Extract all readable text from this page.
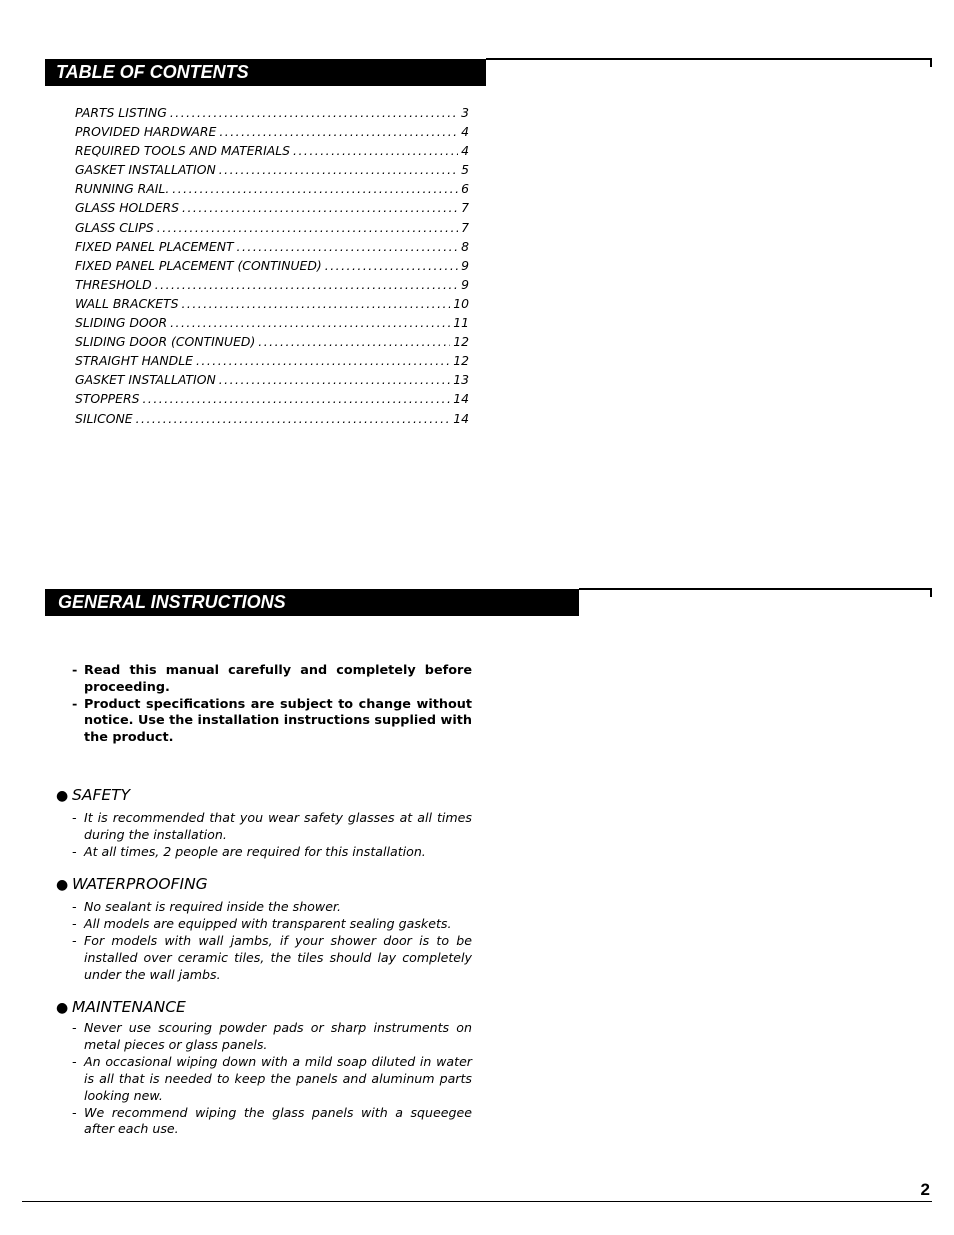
TABLE OF CONTENTS
PARTS LISTING .....	3
PROVIDED HARDWARE .....	4
REQUIRED TOOLS AND MATERIALS .....	4
GASKET INSTALLATION .....	5
RUNNING RAIL. .....	6
GLASS HOLDERS .....	7
GLASS CLIPS .....	7
FIXED PANEL PLACEMENT .....	8
FIXED PANEL PLACEMENT (CONTINUED) .....	9
THRESHOLD .....	9
WALL BRACKETS .....	10
SLIDING DOOR .....	11
SLIDING DOOR (CONTINUED) .....	12
STRAIGHT HANDLE .....	12
GASKET INSTALLATION .....	13
STOPPERS .....	14
SILICONE .....	14
GENERAL INSTRUCTIONS
- Read this manual carefully and completely before proceeding.
- Product specifications are subject to change without notice. Use the installation instructions supplied with the product.
● SAFETY
- It is recommended that you wear safety glasses at all times during the installation.
- At all times, 2 people are required for this installation.
● WATERPROOFING
- No sealant is required inside the shower.
- All models are equipped with transparent sealing gaskets.
- For models with wall jambs, if your shower door is to be installed over ceramic tiles, the tiles should lay completely under the wall jambs.
● MAINTENANCE
- Never use scouring powder pads or sharp instruments on metal pieces or glass panels.
- An occasional wiping down with a mild soap diluted in water is all that is needed to keep the panels and aluminum parts looking new.
- We recommend wiping the glass panels with a squeegee after each use.
2
